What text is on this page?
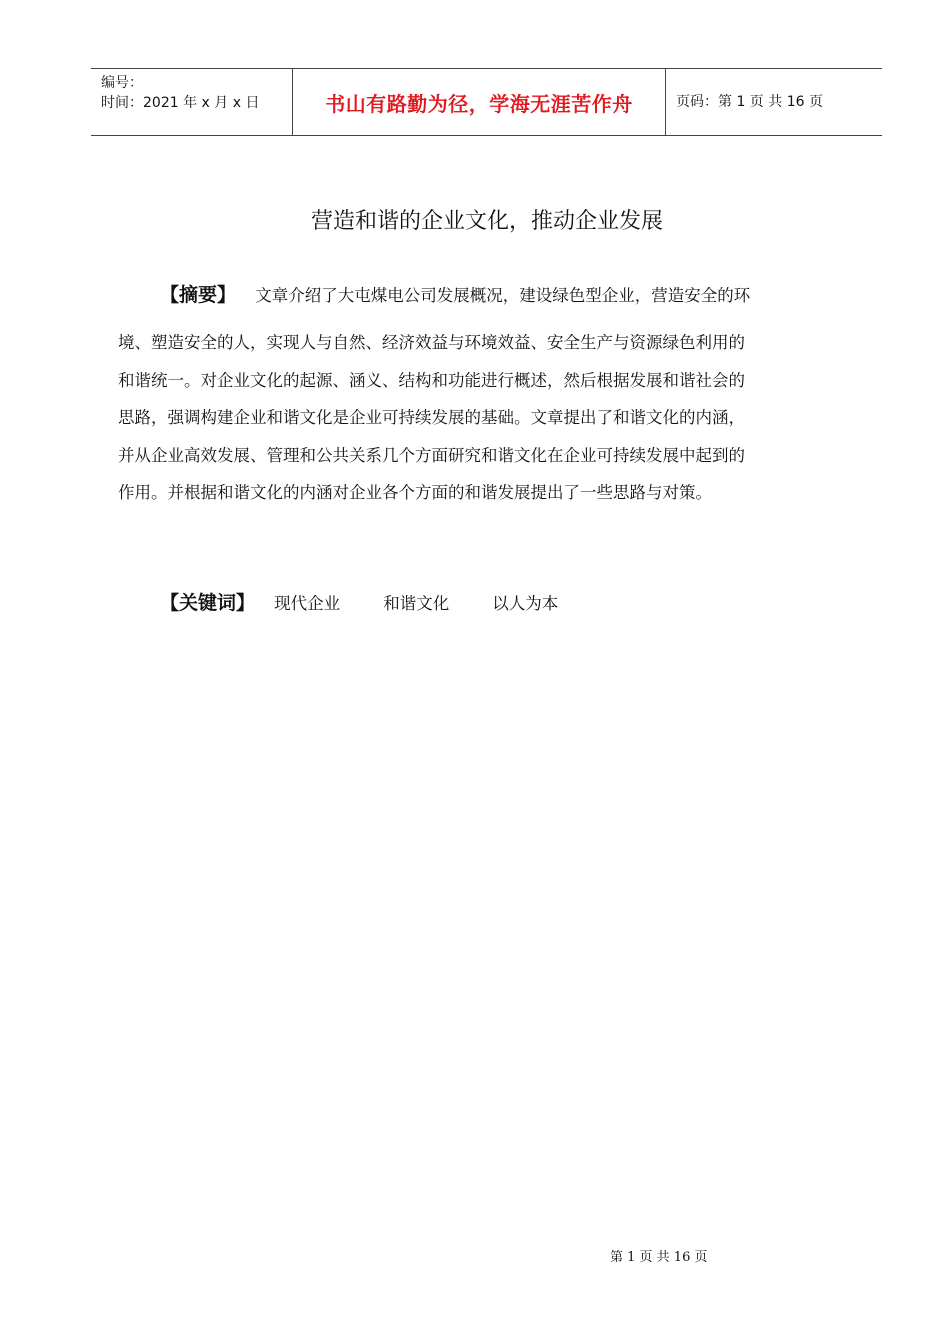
编号：
时间：2021 年 x 月 x 日	书山有路勤为径，学海无涯苦作舟	页码：第 1 页 共 16 页
营造和谐的企业文化，推动企业发展
【摘要】 文章介绍了大屯煤电公司发展概况，建设绿色型企业，营造安全的环
境、塑造安全的人，实现人与自然、经济效益与环境效益、安全生产与资源绿色利用的
和谐统一。对企业文化的起源、涵义、结构和功能进行概述，然后根据发展和谐社会的
思路，强调构建企业和谐文化是企业可持续发展的基础。文章提出了和谐文化的内涵，
并从企业高效发展、管理和公共关系几个方面研究和谐文化在企业可持续发展中起到的
作用。并根据和谐文化的内涵对企业各个方面的和谐发展提出了一些思路与对策。
【关键词】 现代企业	和谐文化	以人为本
第 1 页 共 16 页
